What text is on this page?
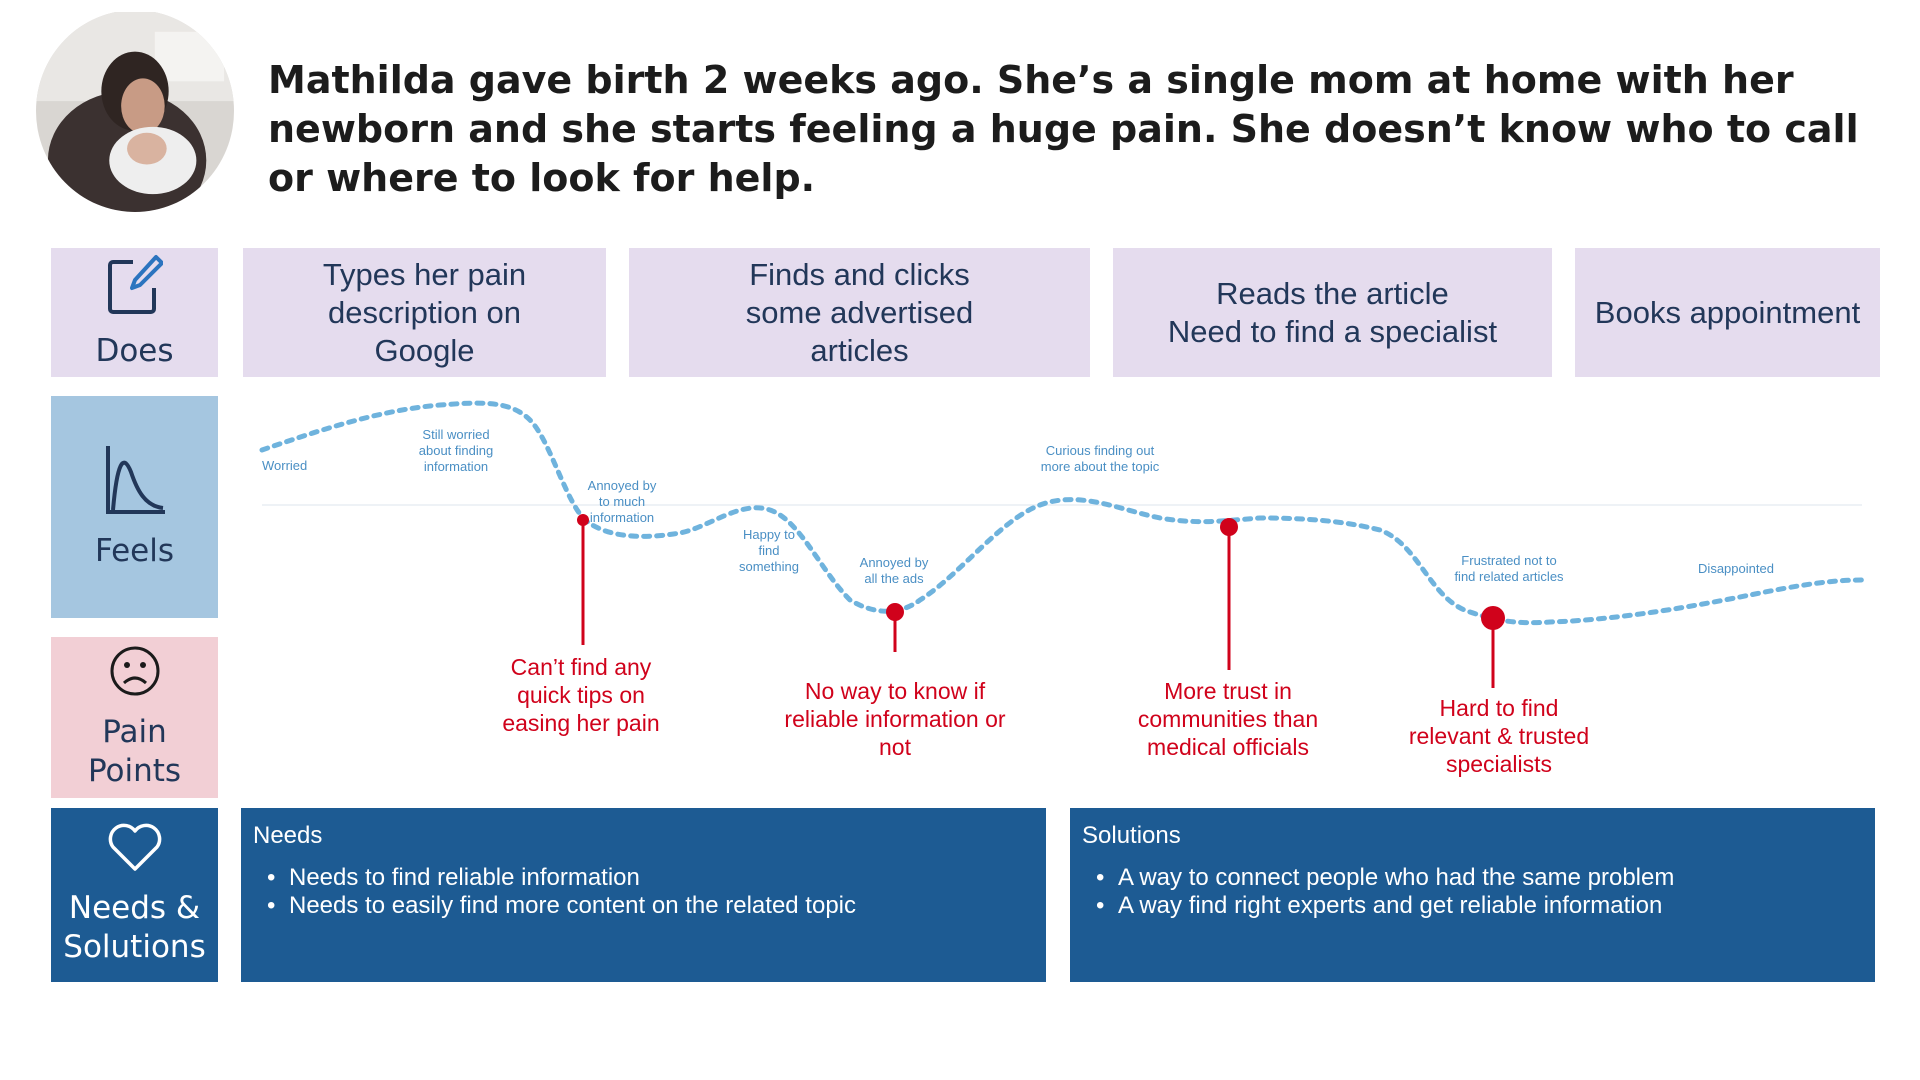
Mathilda gave birth 2 weeks ago. She’s a single mom at home with her newborn and she starts feeling a huge pain. She doesn’t know who to call or where to look for help.

Does
Feels
Pain
Points
Needs &
Solutions
Types her pain
description on
Google
Finds and clicks
some advertised
articles
Reads the article
Need to find a specialist
Books appointment
Worried
Still worried about finding information
Annoyed by to much information
Happy to find something	Annoyed by all the ads
Curious finding out more about the topic
Frustrated not to find related articles
Disappointed
Can’t find any quick tips on easing her pain
No way to know if reliable information or not
More trust in communities than medical officials
Hard to find relevant & trusted specialists
Needs
• Needs to find reliable information
• Needs to easily find more content on the related topic
Solutions
• A way to connect people who had the same problem
• A way find right experts and get reliable information
